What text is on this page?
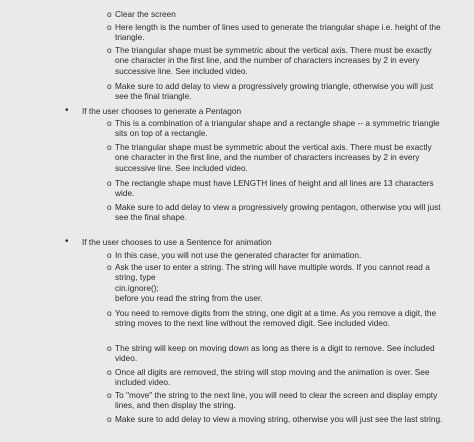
o Clear the screen
o Here length is the number of lines used to generate the triangular shape i.e. height of the triangle.
o The triangular shape must be symmetric about the vertical axis. There must be exactly one character in the first line, and the number of characters increases by 2 in every successive line. See included video.
o Make sure to add delay to view a progressively growing triangle, otherwise you will just see the final triangle.
• If the user chooses to generate a Pentagon
o This is a combination of a triangular shape and a rectangle shape -- a symmetric triangle sits on top of a rectangle.
o The triangular shape must be symmetric about the vertical axis. There must be exactly one character in the first line, and the number of characters increases by 2 in every successive line. See included video.
o The rectangle shape must have LENGTH lines of height and all lines are 13 characters wide.
o Make sure to add delay to view a progressively growing pentagon, otherwise you will just see the final shape.
• If the user chooses to use a Sentence for animation
o In this case, you will not use the generated character for animation.
o Ask the user to enter a string. The string will have multiple words. If you cannot read a string, type
cin.ignore();
before you read the string from the user.
o You need to remove digits from the string, one digit at a time. As you remove a digit, the string moves to the next line without the removed digit. See included video.
o The string will keep on moving down as long as there is a digit to remove. See included video.
o Once all digits are removed, the string will stop moving and the animation is over. See included video.
o To "move" the string to the next line, you will need to clear the screen and display empty lines, and then display the string.
o Make sure to add delay to view a moving string, otherwise you will just see the last string.
